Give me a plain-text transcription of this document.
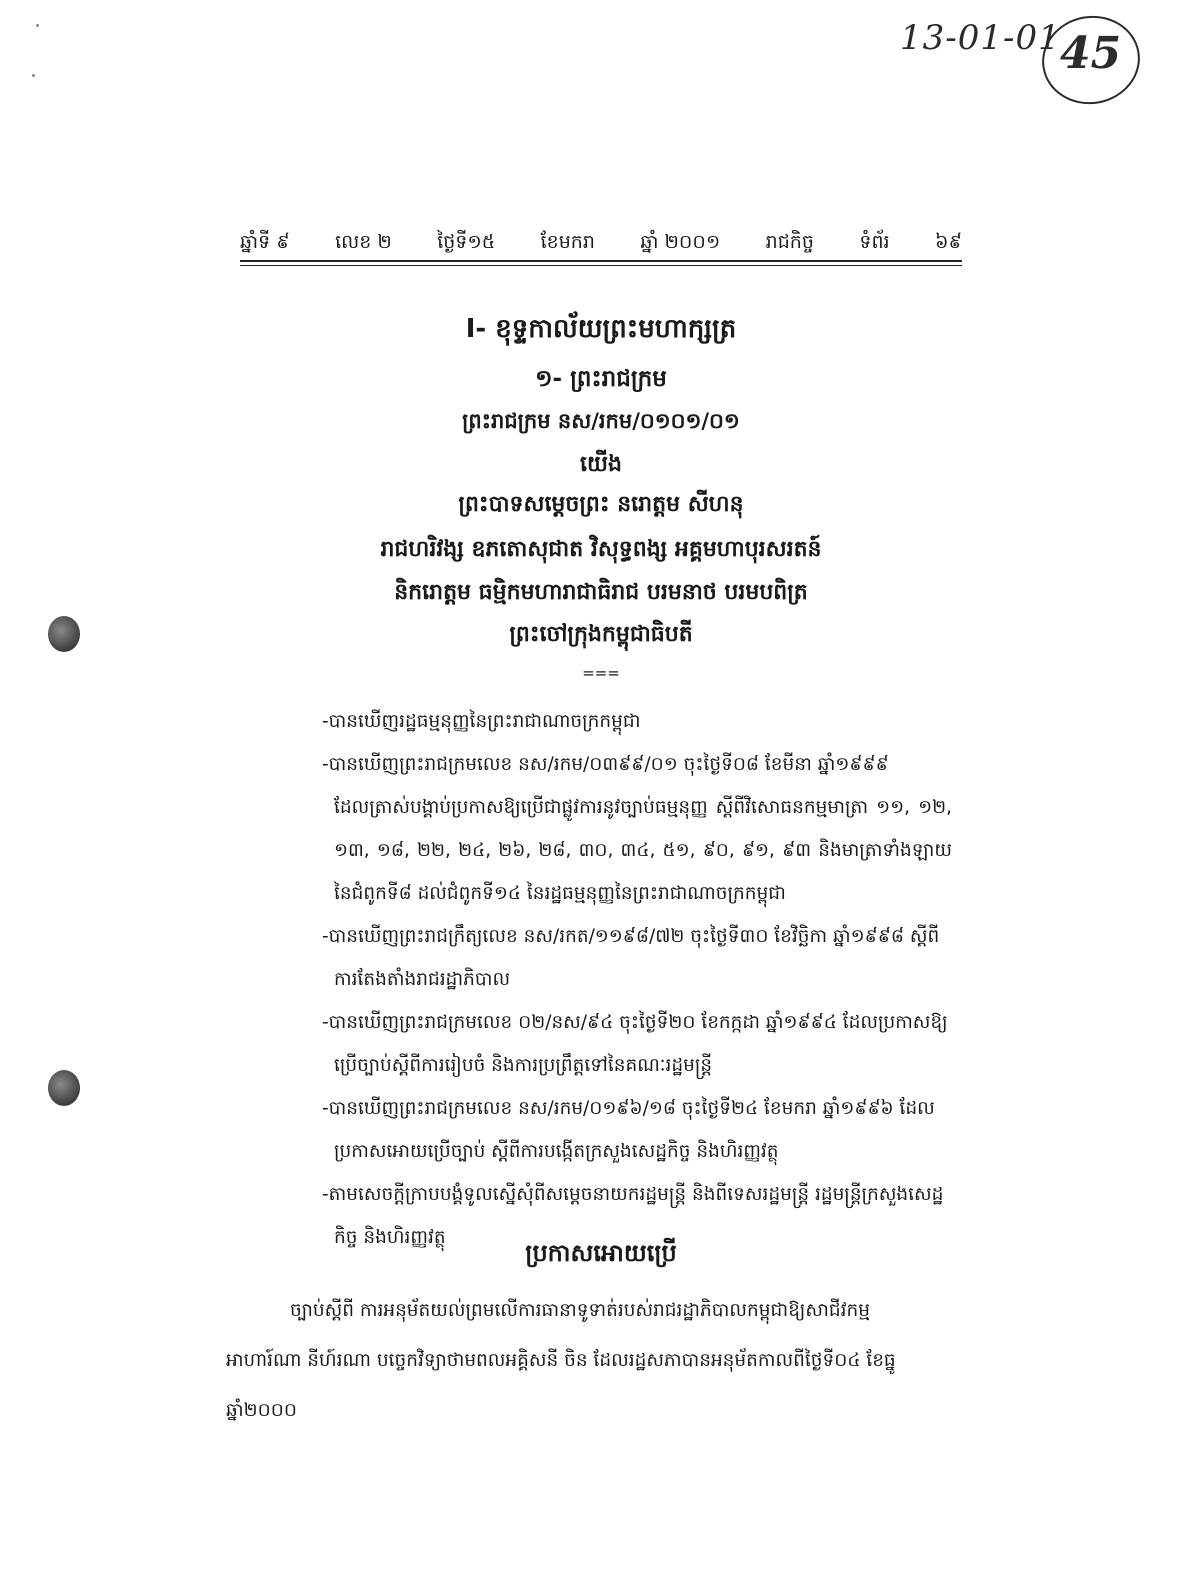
13-01-01 45
ឆ្នាំទី ៩ លេខ ២ ថ្ងៃទី១៥ ខែមករា ឆ្នាំ ២០០១ រាជកិច្ច ទំព័រ ៦៩
I- ខុទ្ទកាល័យព្រះមហាក្សត្រ
១- ព្រះរាជក្រម
ព្រះរាជក្រម នស/រកម/០១០១/០១
យើង
ព្រះបាទសម្តេចព្រះ នរោត្តម សីហនុ
រាជហរិវង្ស ឧភតោសុជាត វិសុទ្ធពង្ស អគ្គមហាបុរសរតន៍
និករោត្តម ធម្មិកមហារាជាធិរាជ បរមនាថ បរមបពិត្រ
ព្រះចៅក្រុងកម្ពុជាធិបតី
===

-បានឃើញរដ្ឋធម្មនុញ្ញនៃព្រះរាជាណាចក្រកម្ពុជា

-បានឃើញព្រះរាជក្រមលេខ នស/រកម/០៣៩៩/០១ ចុះថ្ងៃទី០៨ ខែមីនា ឆ្នាំ១៩៩៩
ដែលត្រាស់បង្គាប់ប្រកាសឱ្យប្រើជាផ្លូវការនូវច្បាប់ធម្មនុញ្ញ ស្តីពីវិសោធនកម្មមាត្រា ១១, ១២, ១៣, ១៨, ២២, ២៤, ២៦, ២៨, ៣០, ៣៤, ៥១, ៩០, ៩១, ៩៣ និងមាត្រាទាំងឡាយ នៃជំពូកទី៨ ដល់ជំពូកទី១៤ នៃរដ្ឋធម្មនុញ្ញនៃព្រះរាជាណាចក្រកម្ពុជា

-បានឃើញព្រះរាជក្រឹត្យលេខ នស/រកត/១១៩៨/៧២ ចុះថ្ងៃទី៣០ ខែវិច្ឆិកា ឆ្នាំ១៩៩៨ ស្តីពី
ការតែងតាំងរាជរដ្ឋាភិបាល

-បានឃើញព្រះរាជក្រមលេខ ០២/នស/៩៤ ចុះថ្ងៃទី២០ ខែកក្កដា ឆ្នាំ១៩៩៤ ដែលប្រកាសឱ្យ
ប្រើច្បាប់ស្តីពីការរៀបចំ និងការប្រព្រឹត្តទៅនៃគណៈរដ្ឋមន្ត្រី

-បានឃើញព្រះរាជក្រមលេខ នស/រកម/០១៩៦/១៨ ចុះថ្ងៃទី២៤ ខែមករា ឆ្នាំ១៩៩៦ ដែល
ប្រកាសអោយប្រើច្បាប់ ស្តីពីការបង្កើតក្រសួងសេដ្ឋកិច្ច និងហិរញ្ញវត្ថុ

-តាមសេចក្តីក្រាបបង្គំទូលស្នើសុំពីសម្តេចនាយករដ្ឋមន្ត្រី និងពីទេសរដ្ឋមន្ត្រី រដ្ឋមន្ត្រីក្រសួងសេដ្ឋ
កិច្ច និងហិរញ្ញវត្ថុ

ប្រកាសអោយប្រើ
ច្បាប់ស្តីពី ការអនុម័តយល់ព្រមលើការធានាទូទាត់របស់រាជរដ្ឋាភិបាលកម្ពុជាឱ្យសាជីវកម្ម
អាហារ៍ណា នីហ៍រណា បច្ចេកវិទ្យាថាមពលអគ្គិសនី ចិន ដែលរដ្ឋសភាបានអនុម័តកាលពីថ្ងៃទី០៤ ខែធ្នូ ឆ្នាំ២០០០
